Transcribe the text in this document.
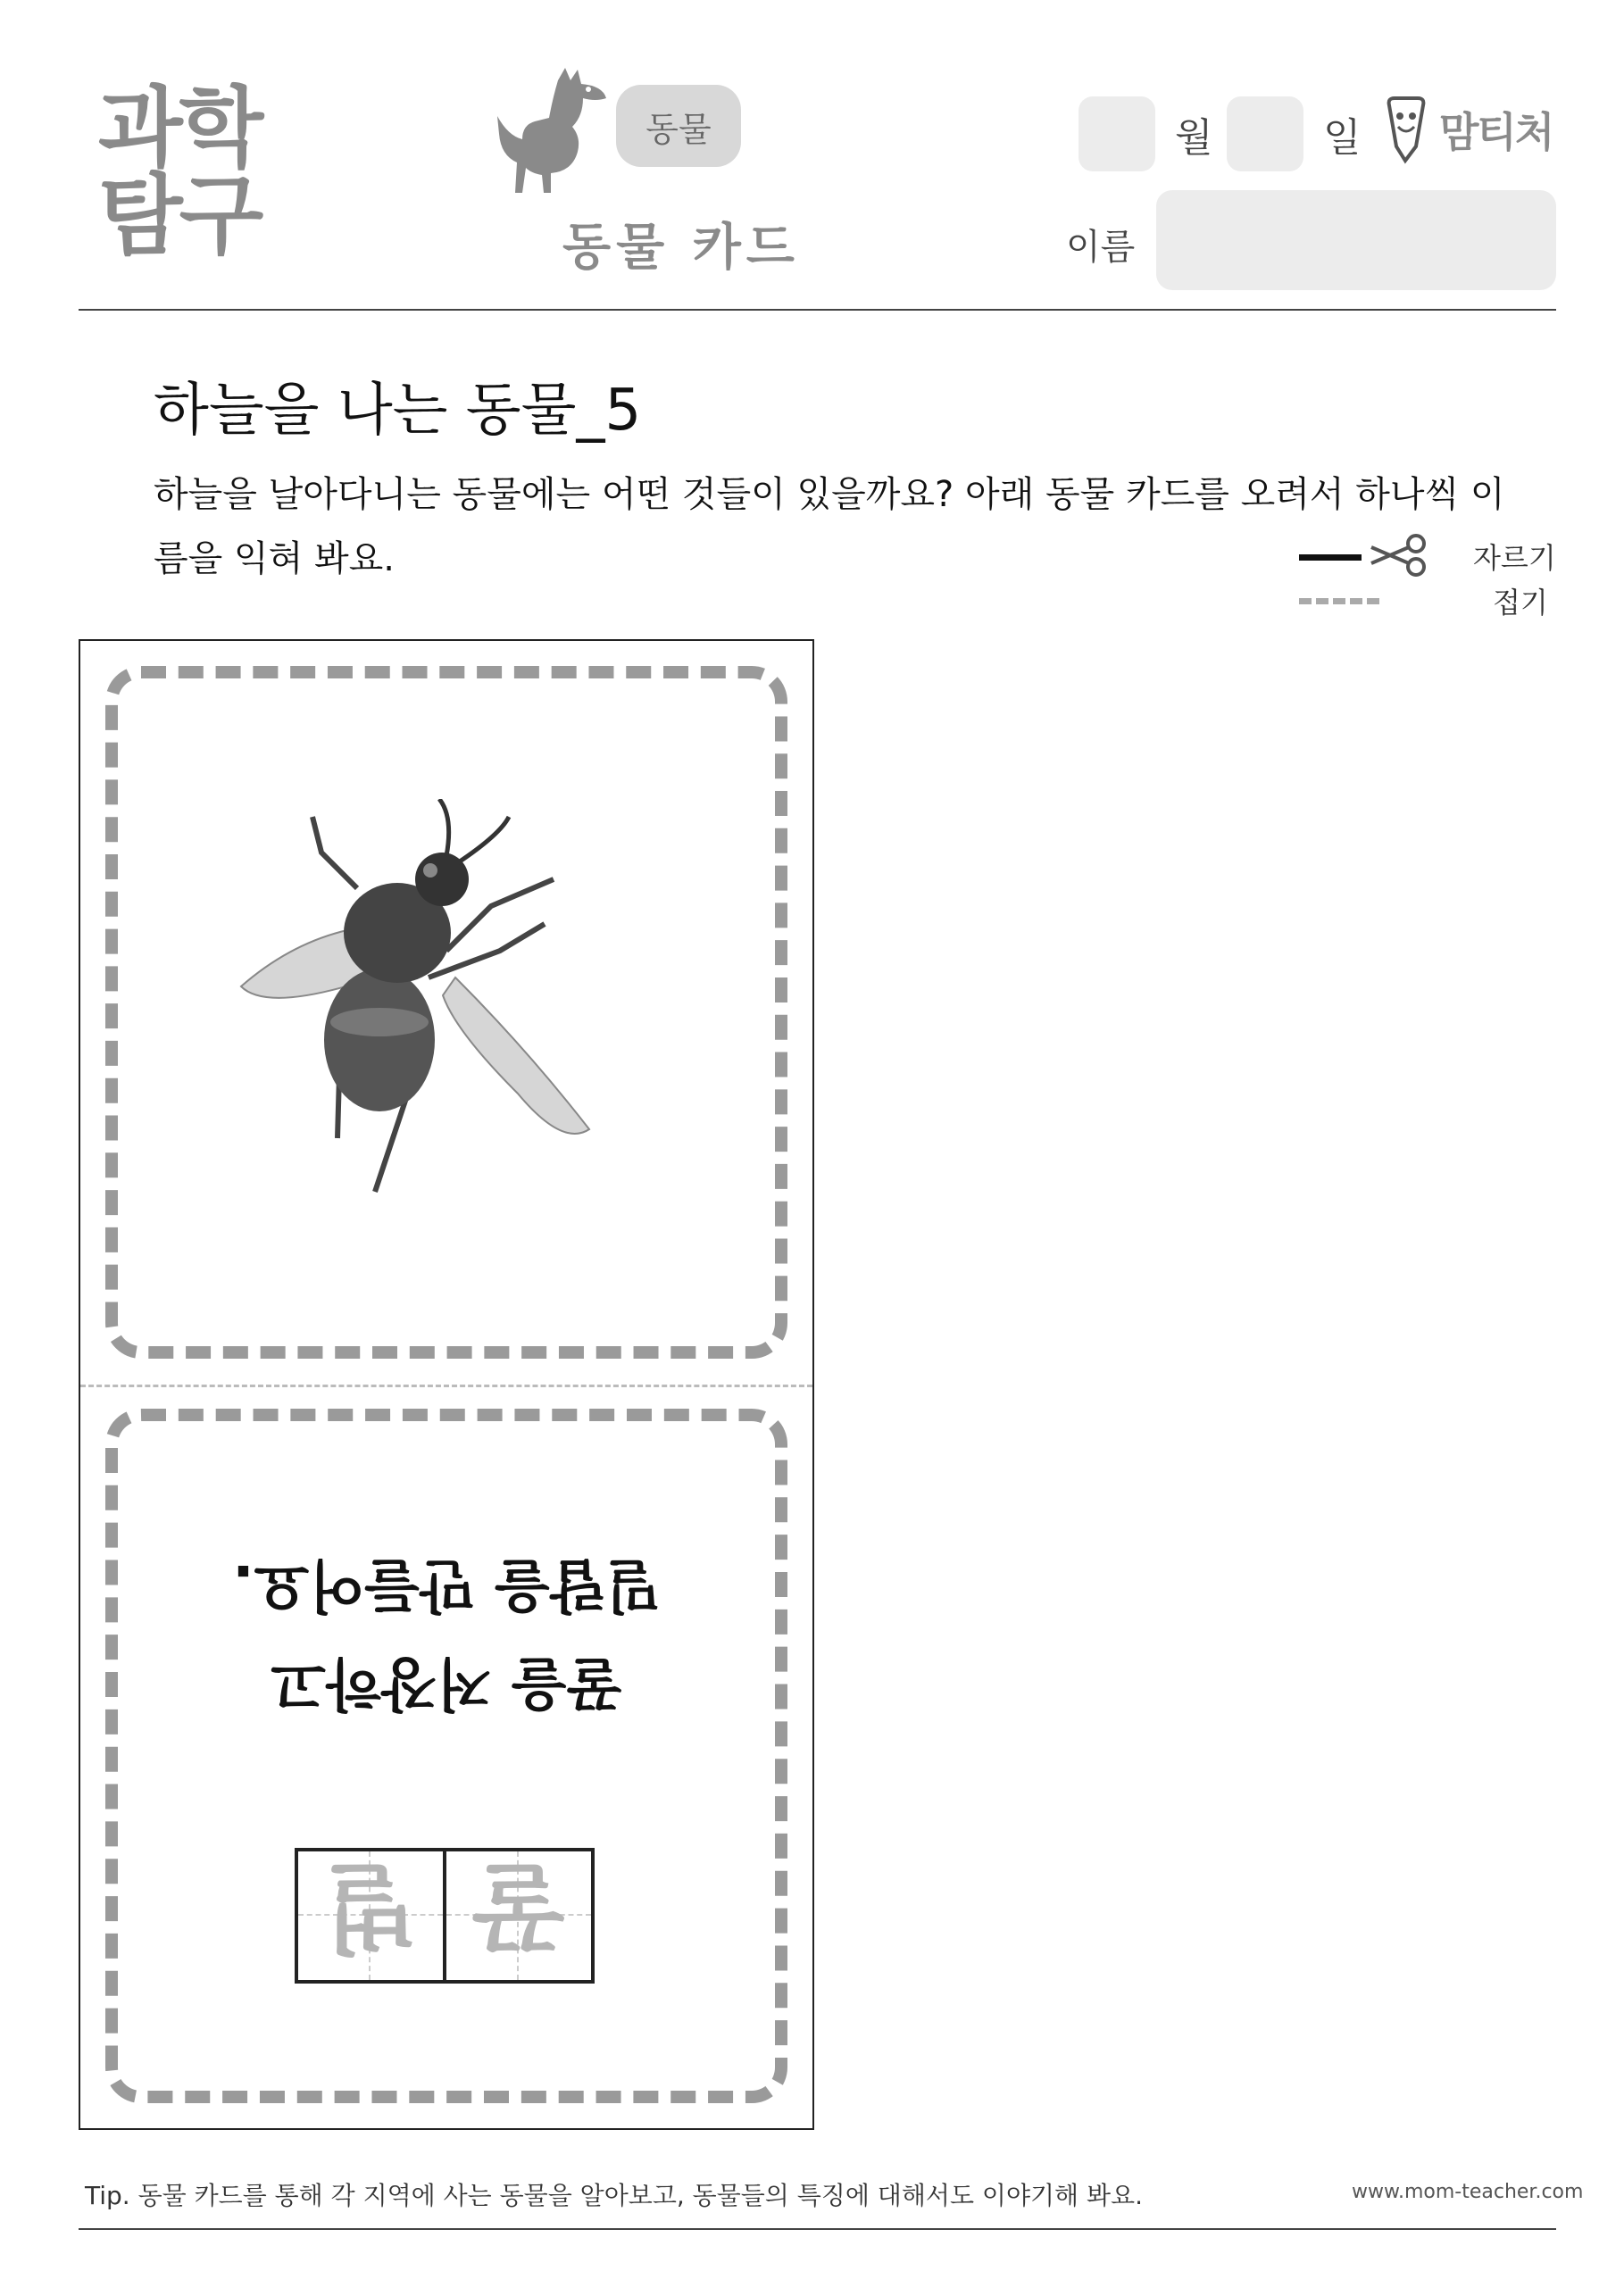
과학
탐구
동물
동물 카드
월	일 맘티처
이름
하늘을 나는 동물_5
하늘을 날아다니는 동물에는 어떤 것들이 있을까요? 아래 동물 카드를 오려서 하나씩 이름을 익혀 봐요.	자르기
접기
꿀을 저장하고
밀랍을 만들어요.
꿀
벌
Tip. 동물 카드를 통해 각 지역에 사는 동물을 알아보고, 동물들의 특징에 대해서도 이야기해 봐요.	www.mom-teacher.com
